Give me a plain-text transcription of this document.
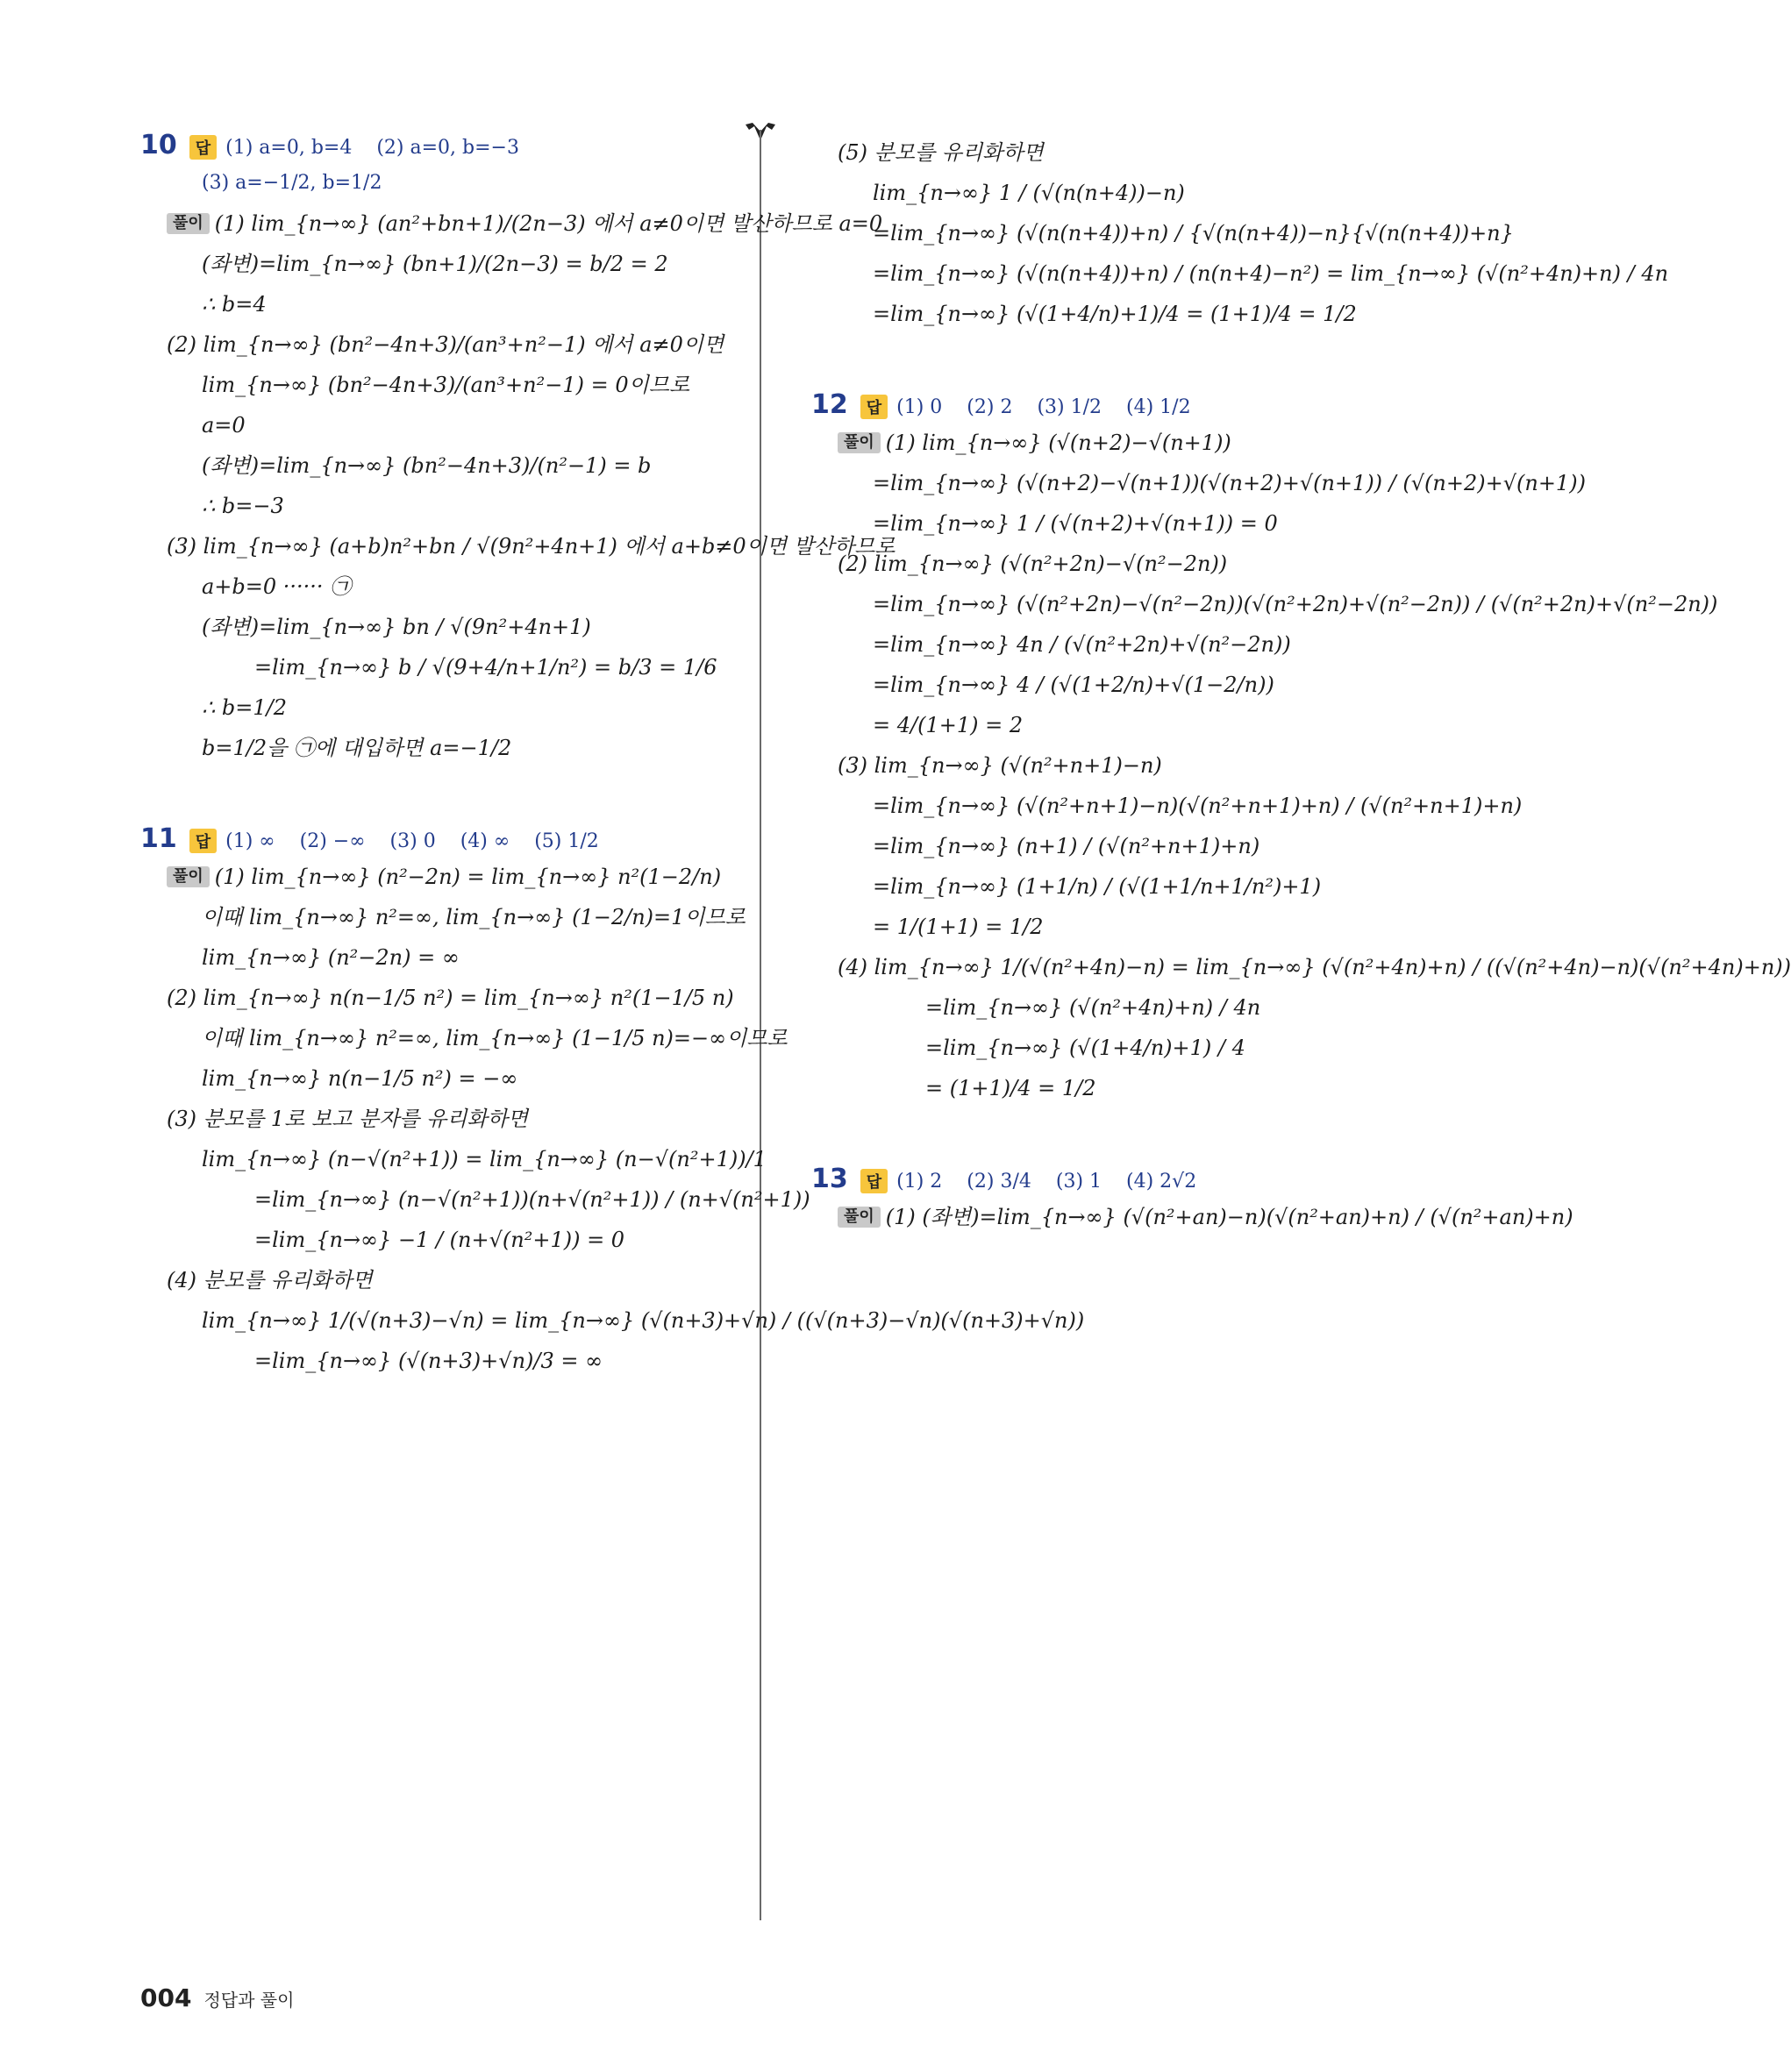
10	답 (1) a=0, b=4 (2) a=0, b=−3
(3) a=−1/2, b=1/2
풀이 (1) lim_{n→∞} (an²+bn+1)/(2n−3) 에서 a≠0이면 발산하므로 a=0
(좌변)=lim_{n→∞} (bn+1)/(2n−3) = b/2 = 2
∴ b=4
(2) lim_{n→∞} (bn²−4n+3)/(an³+n²−1) 에서 a≠0이면
lim_{n→∞} (bn²−4n+3)/(an³+n²−1) = 0이므로
a=0
(좌변)=lim_{n→∞} (bn²−4n+3)/(n²−1) = b
∴ b=−3
(3) lim_{n→∞} (a+b)n²+bn / √(9n²+4n+1) 에서 a+b≠0이면 발산하므로
a+b=0 ······ ㉠
(좌변)=lim_{n→∞} bn / √(9n²+4n+1)
=lim_{n→∞} b / √(9+4/n+1/n²) = b/3 = 1/6
∴ b=1/2
b=1/2을 ㉠에 대입하면 a=−1/2
11	답 (1) ∞ (2) −∞ (3) 0 (4) ∞ (5) 1/2
풀이 (1) lim_{n→∞} (n²−2n) = lim_{n→∞} n²(1−2/n)
이때 lim_{n→∞} n²=∞, lim_{n→∞} (1−2/n)=1이므로
lim_{n→∞} (n²−2n) = ∞
(2) lim_{n→∞} n(n−1/5 n²) = lim_{n→∞} n²(1−1/5 n)
이때 lim_{n→∞} n²=∞, lim_{n→∞} (1−1/5 n)=−∞이므로
lim_{n→∞} n(n−1/5 n²) = −∞
(3) 분모를 1로 보고 분자를 유리화하면
lim_{n→∞} (n−√(n²+1)) = lim_{n→∞} (n−√(n²+1))/1
=lim_{n→∞} (n−√(n²+1))(n+√(n²+1)) / (n+√(n²+1))
=lim_{n→∞} −1 / (n+√(n²+1)) = 0
(4) 분모를 유리화하면
lim_{n→∞} 1/(√(n+3)−√n) = lim_{n→∞} (√(n+3)+√n) / ((√(n+3)−√n)(√(n+3)+√n))
=lim_{n→∞} (√(n+3)+√n)/3 = ∞
(5) 분모를 유리화하면
lim_{n→∞} 1 / (√(n(n+4))−n)
=lim_{n→∞} (√(n(n+4))+n) / {√(n(n+4))−n}{√(n(n+4))+n}
=lim_{n→∞} (√(n(n+4))+n) / (n(n+4)−n²) = lim_{n→∞} (√(n²+4n)+n) / 4n
=lim_{n→∞} (√(1+4/n)+1)/4 = (1+1)/4 = 1/2
12	답 (1) 0 (2) 2 (3) 1/2 (4) 1/2
풀이 (1) lim_{n→∞} (√(n+2)−√(n+1))
=lim_{n→∞} (√(n+2)−√(n+1))(√(n+2)+√(n+1)) / (√(n+2)+√(n+1))
=lim_{n→∞} 1 / (√(n+2)+√(n+1)) = 0
(2) lim_{n→∞} (√(n²+2n)−√(n²−2n))
=lim_{n→∞} (√(n²+2n)−√(n²−2n))(√(n²+2n)+√(n²−2n)) / (√(n²+2n)+√(n²−2n))
=lim_{n→∞} 4n / (√(n²+2n)+√(n²−2n))
=lim_{n→∞} 4 / (√(1+2/n)+√(1−2/n))
= 4/(1+1) = 2
(3) lim_{n→∞} (√(n²+n+1)−n)
=lim_{n→∞} (√(n²+n+1)−n)(√(n²+n+1)+n) / (√(n²+n+1)+n)
=lim_{n→∞} (n+1) / (√(n²+n+1)+n)
=lim_{n→∞} (1+1/n) / (√(1+1/n+1/n²)+1)
= 1/(1+1) = 1/2
(4) lim_{n→∞} 1/(√(n²+4n)−n) = lim_{n→∞} (√(n²+4n)+n) / ((√(n²+4n)−n)(√(n²+4n)+n))
=lim_{n→∞} (√(n²+4n)+n) / 4n
=lim_{n→∞} (√(1+4/n)+1) / 4
= (1+1)/4 = 1/2
13	답 (1) 2 (2) 3/4 (3) 1 (4) 2√2
풀이 (1) (좌변)=lim_{n→∞} (√(n²+an)−n)(√(n²+an)+n) / (√(n²+an)+n)
004 정답과 풀이
